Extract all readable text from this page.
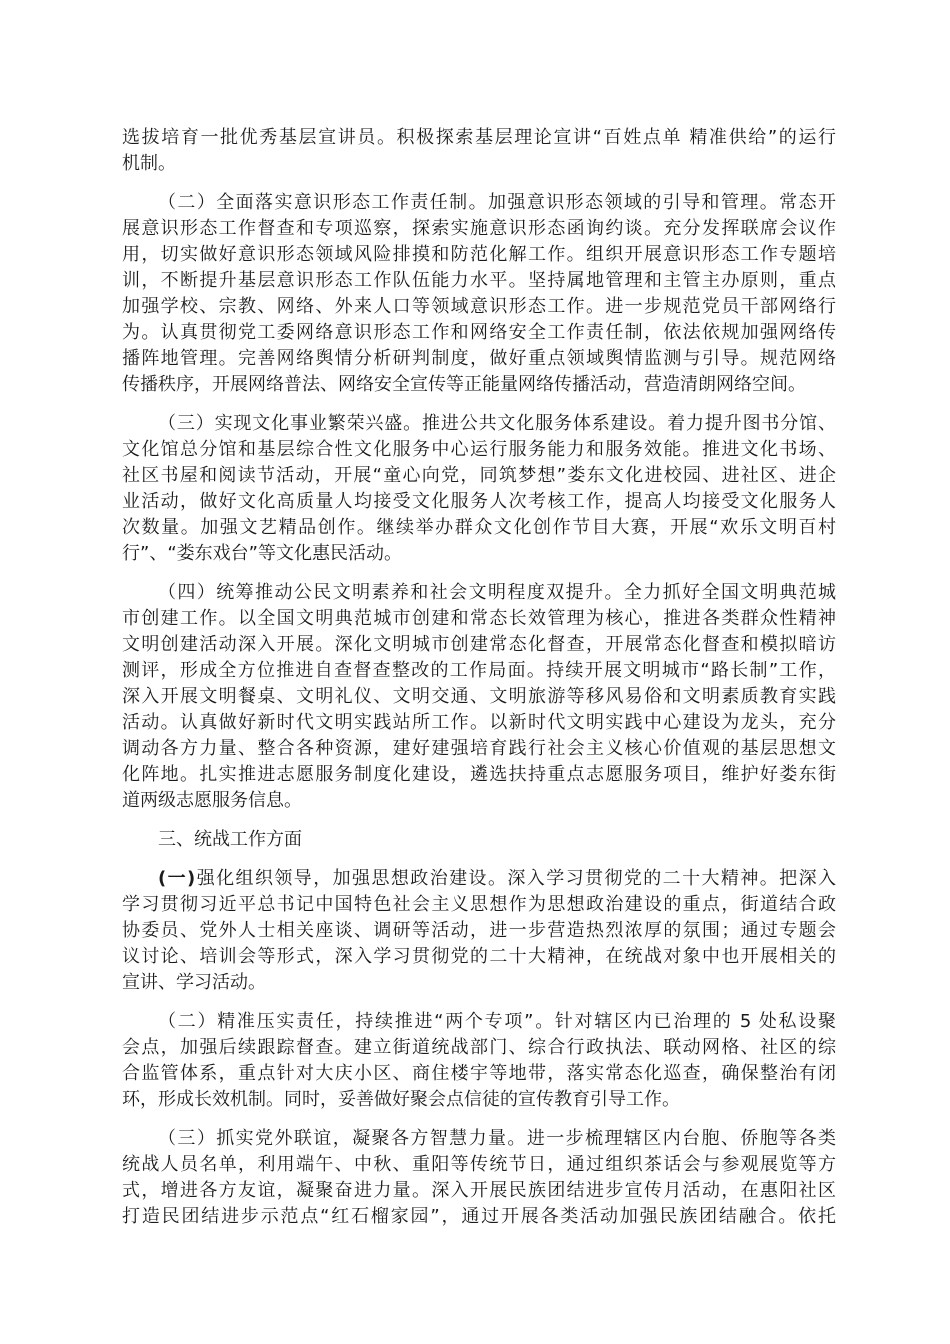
选拔培育一批优秀基层宣讲员。积极探索基层理论宣讲“百姓点单 精准供给”的运行
机制。
（二）全面落实意识形态工作责任制。加强意识形态领域的引导和管理。常态开
展意识形态工作督查和专项巡察，探索实施意识形态函询约谈。充分发挥联席会议作
用，切实做好意识形态领域风险排摸和防范化解工作。组织开展意识形态工作专题培
训，不断提升基层意识形态工作队伍能力水平。坚持属地管理和主管主办原则，重点
加强学校、宗教、网络、外来人口等领域意识形态工作。进一步规范党员干部网络行
为。认真贯彻党工委网络意识形态工作和网络安全工作责任制，依法依规加强网络传
播阵地管理。完善网络舆情分析研判制度，做好重点领域舆情监测与引导。规范网络
传播秩序，开展网络普法、网络安全宣传等正能量网络传播活动，营造清朗网络空间。
（三）实现文化事业繁荣兴盛。推进公共文化服务体系建设。着力提升图书分馆、
文化馆总分馆和基层综合性文化服务中心运行服务能力和服务效能。推进文化书场、
社区书屋和阅读节活动，开展“童心向党，同筑梦想”娄东文化进校园、进社区、进企
业活动，做好文化高质量人均接受文化服务人次考核工作，提高人均接受文化服务人
次数量。加强文艺精品创作。继续举办群众文化创作节目大赛，开展“欢乐文明百村
行”、“娄东戏台”等文化惠民活动。
（四）统筹推动公民文明素养和社会文明程度双提升。全力抓好全国文明典范城
市创建工作。以全国文明典范城市创建和常态长效管理为核心，推进各类群众性精神
文明创建活动深入开展。深化文明城市创建常态化督查，开展常态化督查和模拟暗访
测评，形成全方位推进自查督查整改的工作局面。持续开展文明城市“路长制”工作，
深入开展文明餐桌、文明礼仪、文明交通、文明旅游等移风易俗和文明素质教育实践
活动。认真做好新时代文明实践站所工作。以新时代文明实践中心建设为龙头，充分
调动各方力量、整合各种资源，建好建强培育践行社会主义核心价值观的基层思想文
化阵地。扎实推进志愿服务制度化建设，遴选扶持重点志愿服务项目，维护好娄东街
道两级志愿服务信息。
三、统战工作方面
(一)强化组织领导，加强思想政治建设。深入学习贯彻党的二十大精神。把深入
学习贯彻习近平总书记中国特色社会主义思想作为思想政治建设的重点，街道结合政
协委员、党外人士相关座谈、调研等活动，进一步营造热烈浓厚的氛围；通过专题会
议讨论、培训会等形式，深入学习贯彻党的二十大精神，在统战对象中也开展相关的
宣讲、学习活动。
（二）精准压实责任，持续推进“两个专项”。针对辖区内已治理的 5 处私设聚
会点，加强后续跟踪督查。建立街道统战部门、综合行政执法、联动网格、社区的综
合监管体系，重点针对大庆小区、商住楼宇等地带，落实常态化巡查，确保整治有闭
环，形成长效机制。同时，妥善做好聚会点信徒的宣传教育引导工作。
（三）抓实党外联谊，凝聚各方智慧力量。进一步梳理辖区内台胞、侨胞等各类
统战人员名单，利用端午、中秋、重阳等传统节日，通过组织茶话会与参观展览等方
式，增进各方友谊，凝聚奋进力量。深入开展民族团结进步宣传月活动，在惠阳社区
打造民团结进步示范点“红石榴家园”，通过开展各类活动加强民族团结融合。依托
